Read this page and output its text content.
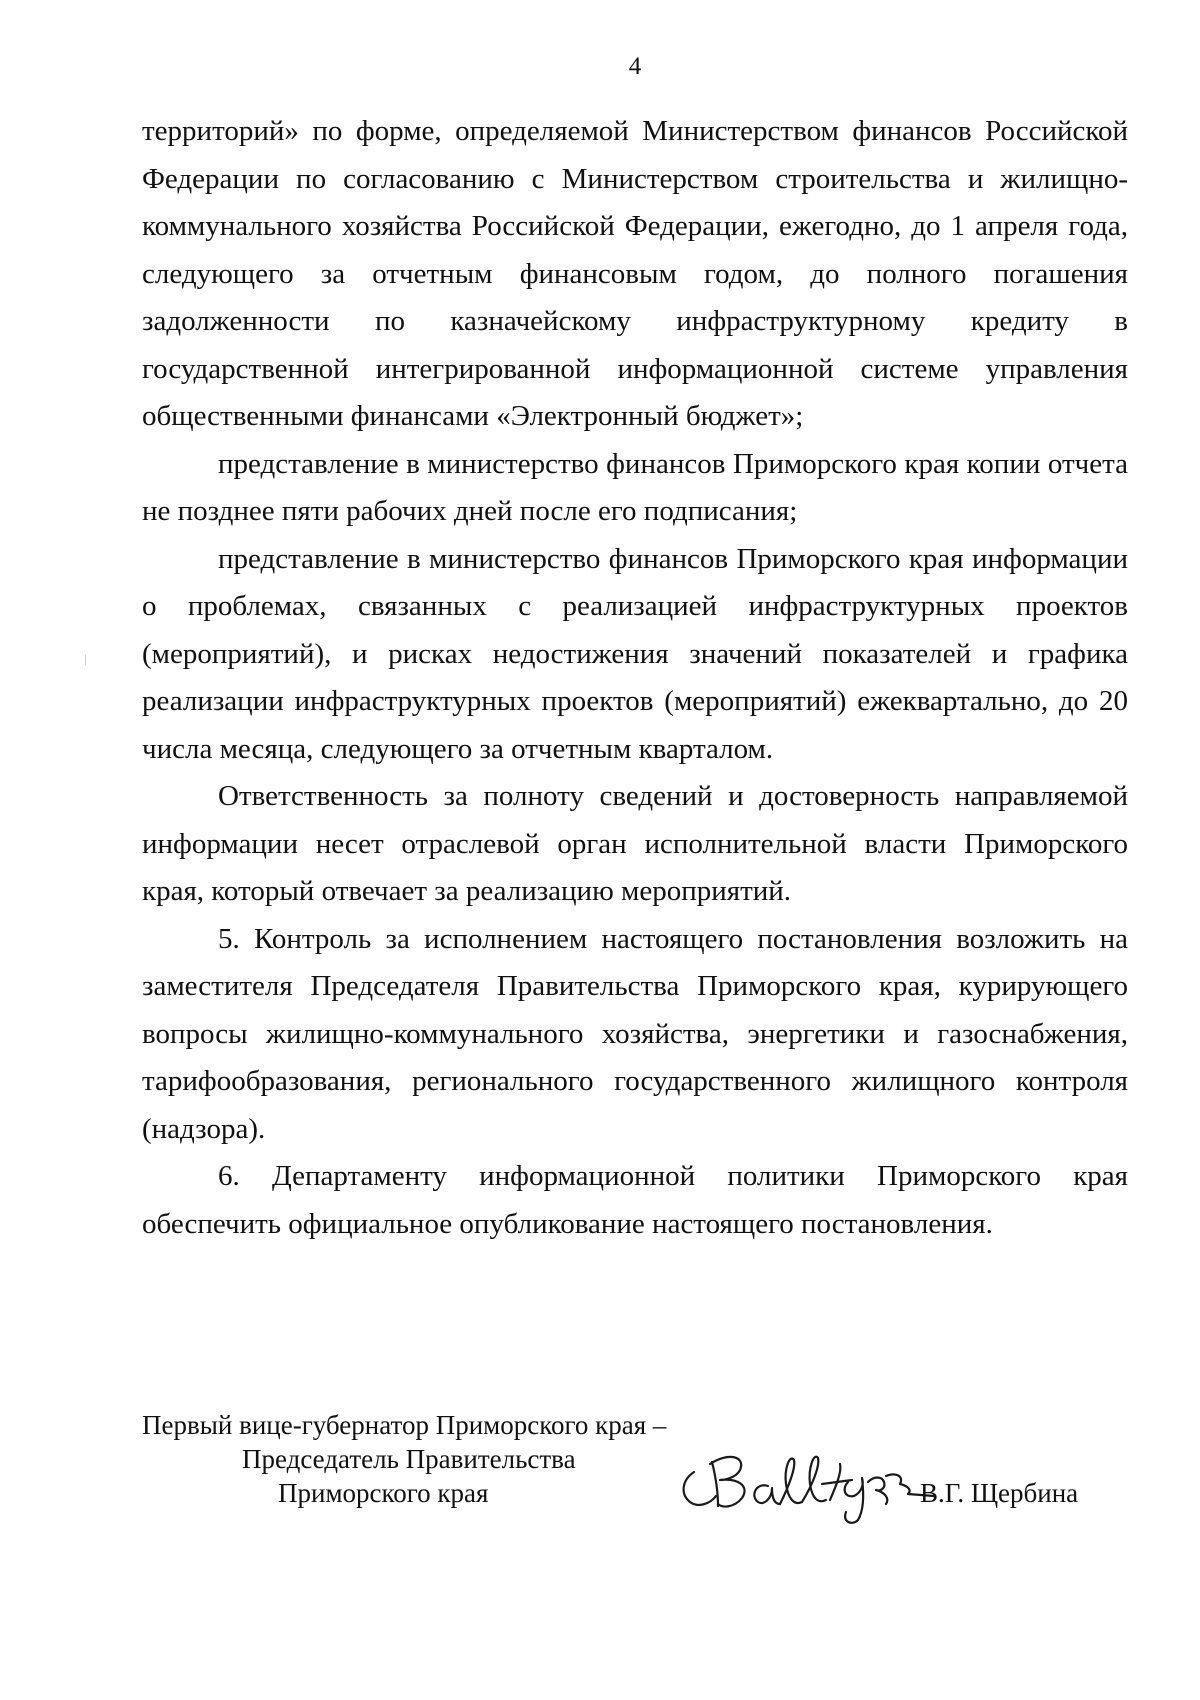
4

территорий» по форме, определяемой Министерством финансов Российской Федерации по согласованию с Министерством строительства и жилищно-коммунального хозяйства Российской Федерации, ежегодно, до 1 апреля года, следующего за отчетным финансовым годом, до полного погашения задолженности по казначейскому инфраструктурному кредиту в государственной интегрированной информационной системе управления общественными финансами «Электронный бюджет»;

представление в министерство финансов Приморского края копии отчета не позднее пяти рабочих дней после его подписания;

представление в министерство финансов Приморского края информации о проблемах, связанных с реализацией инфраструктурных проектов (мероприятий), и рисках недостижения значений показателей и графика реализации инфраструктурных проектов (мероприятий) ежеквартально, до 20 числа месяца, следующего за отчетным кварталом.

Ответственность за полноту сведений и достоверность направляемой информации несет отраслевой орган исполнительной власти Приморского края, который отвечает за реализацию мероприятий.

5. Контроль за исполнением настоящего постановления возложить на заместителя Председателя Правительства Приморского края, курирующего вопросы жилищно-коммунального хозяйства, энергетики и газоснабжения, тарифообразования, регионального государственного жилищного контроля (надзора).

6. Департаменту информационной политики Приморского края обеспечить официальное опубликование настоящего постановления.

Первый вице-губернатор Приморского края –
Председатель Правительства
Приморского края	В.Г. Щербина
